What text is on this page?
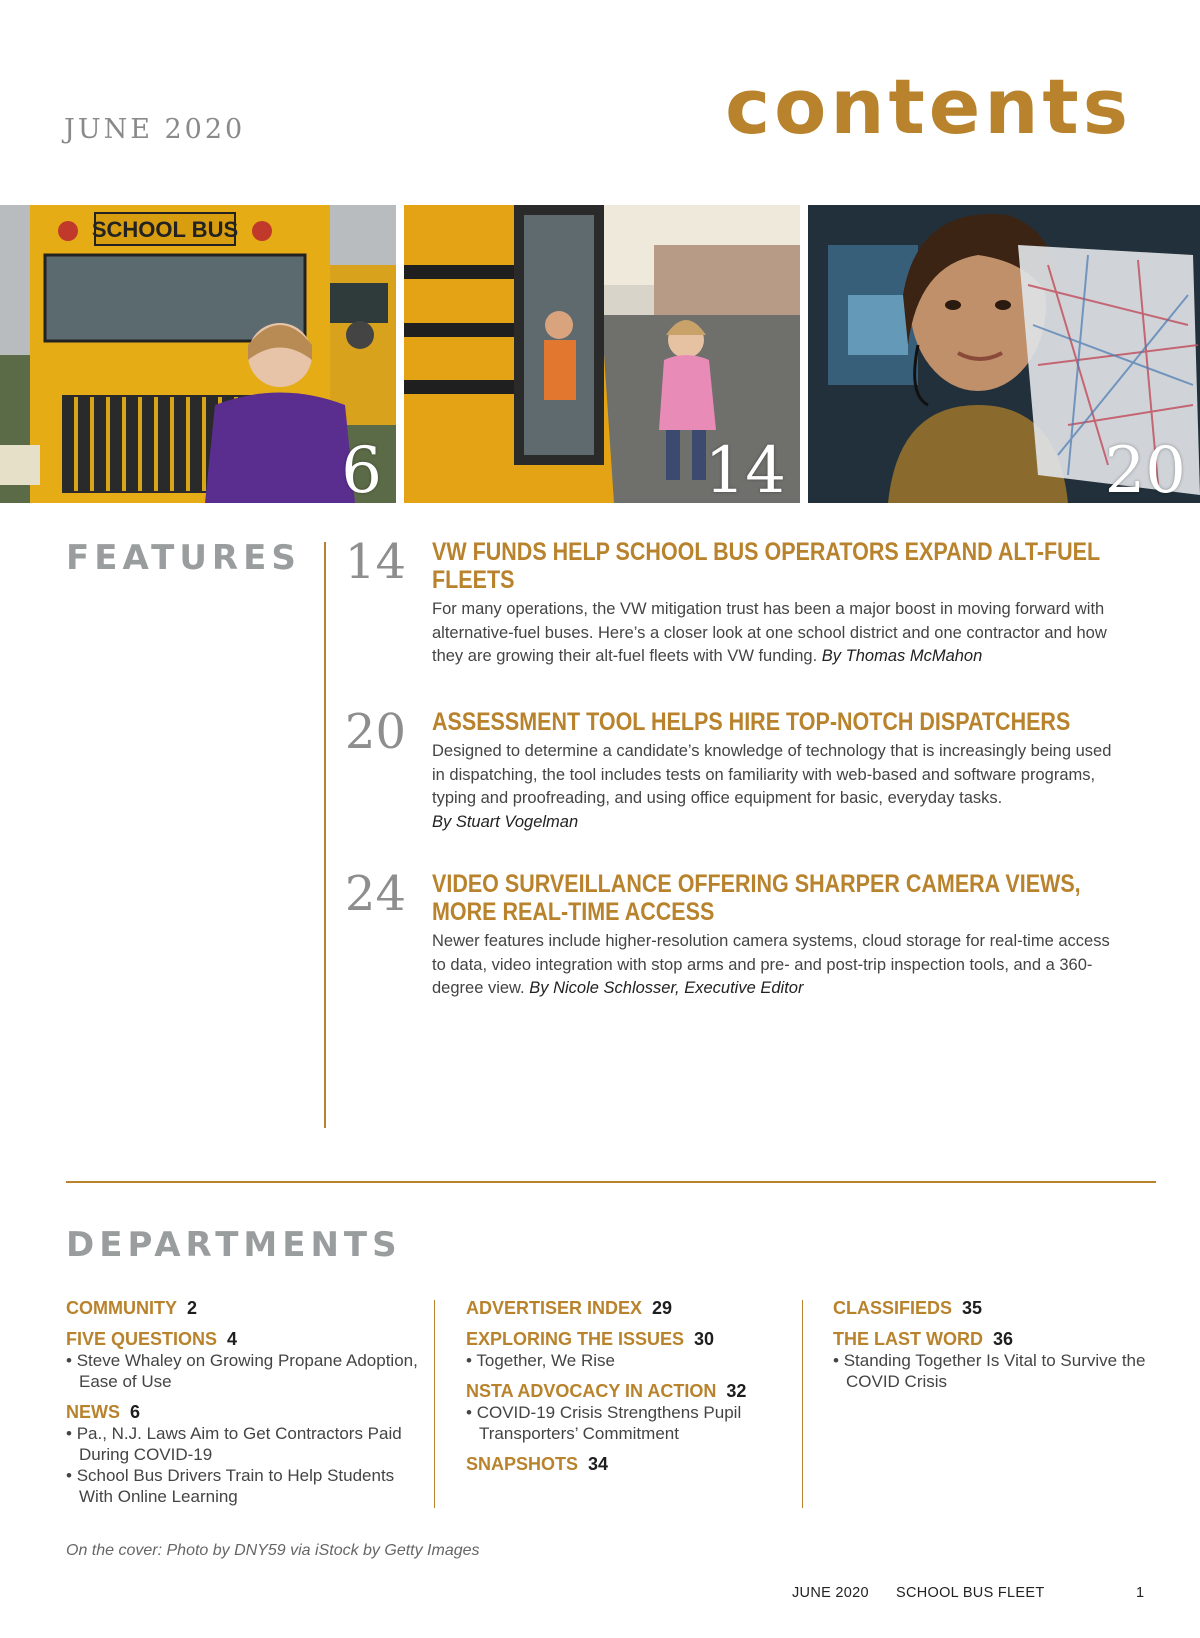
JUNE 2020	contents
SCHOOL BUS
6	14	20
FEATURES 14 VW FUNDS HELP SCHOOL BUS OPERATORS EXPAND ALT-FUEL FLEETS
For many operations, the VW mitigation trust has been a major boost in moving forward with alternative-fuel buses. Here’s a closer look at one school district and one contractor and how they are growing their alt-fuel fleets with VW funding. By Thomas McMahon
20 ASSESSMENT TOOL HELPS HIRE TOP-NOTCH DISPATCHERS
Designed to determine a candidate’s knowledge of technology that is increasingly being used in dispatching, the tool includes tests on familiarity with web-based and software programs, typing and proofreading, and using office equipment for basic, everyday tasks.
By Stuart Vogelman
24 VIDEO SURVEILLANCE OFFERING SHARPER CAMERA VIEWS, MORE REAL-TIME ACCESS
Newer features include higher-resolution camera systems, cloud storage for real-time access to data, video integration with stop arms and pre- and post-trip inspection tools, and a 360-degree view. By Nicole Schlosser, Executive Editor
DEPARTMENTS
COMMUNITY 2
FIVE QUESTIONS 4
• Steve Whaley on Growing Propane Adoption, Ease of Use
NEWS 6
• Pa., N.J. Laws Aim to Get Contractors Paid During COVID-19
• School Bus Drivers Train to Help Students With Online Learning
ADVERTISER INDEX 29
EXPLORING THE ISSUES 30
• Together, We Rise
NSTA ADVOCACY IN ACTION 32
• COVID-19 Crisis Strengthens Pupil Transporters’ Commitment
SNAPSHOTS 34
CLASSIFIEDS 35
THE LAST WORD 36
• Standing Together Is Vital to Survive the COVID Crisis
On the cover: Photo by DNY59 via iStock by Getty Images
JUNE 2020 SCHOOL BUS FLEET	1
